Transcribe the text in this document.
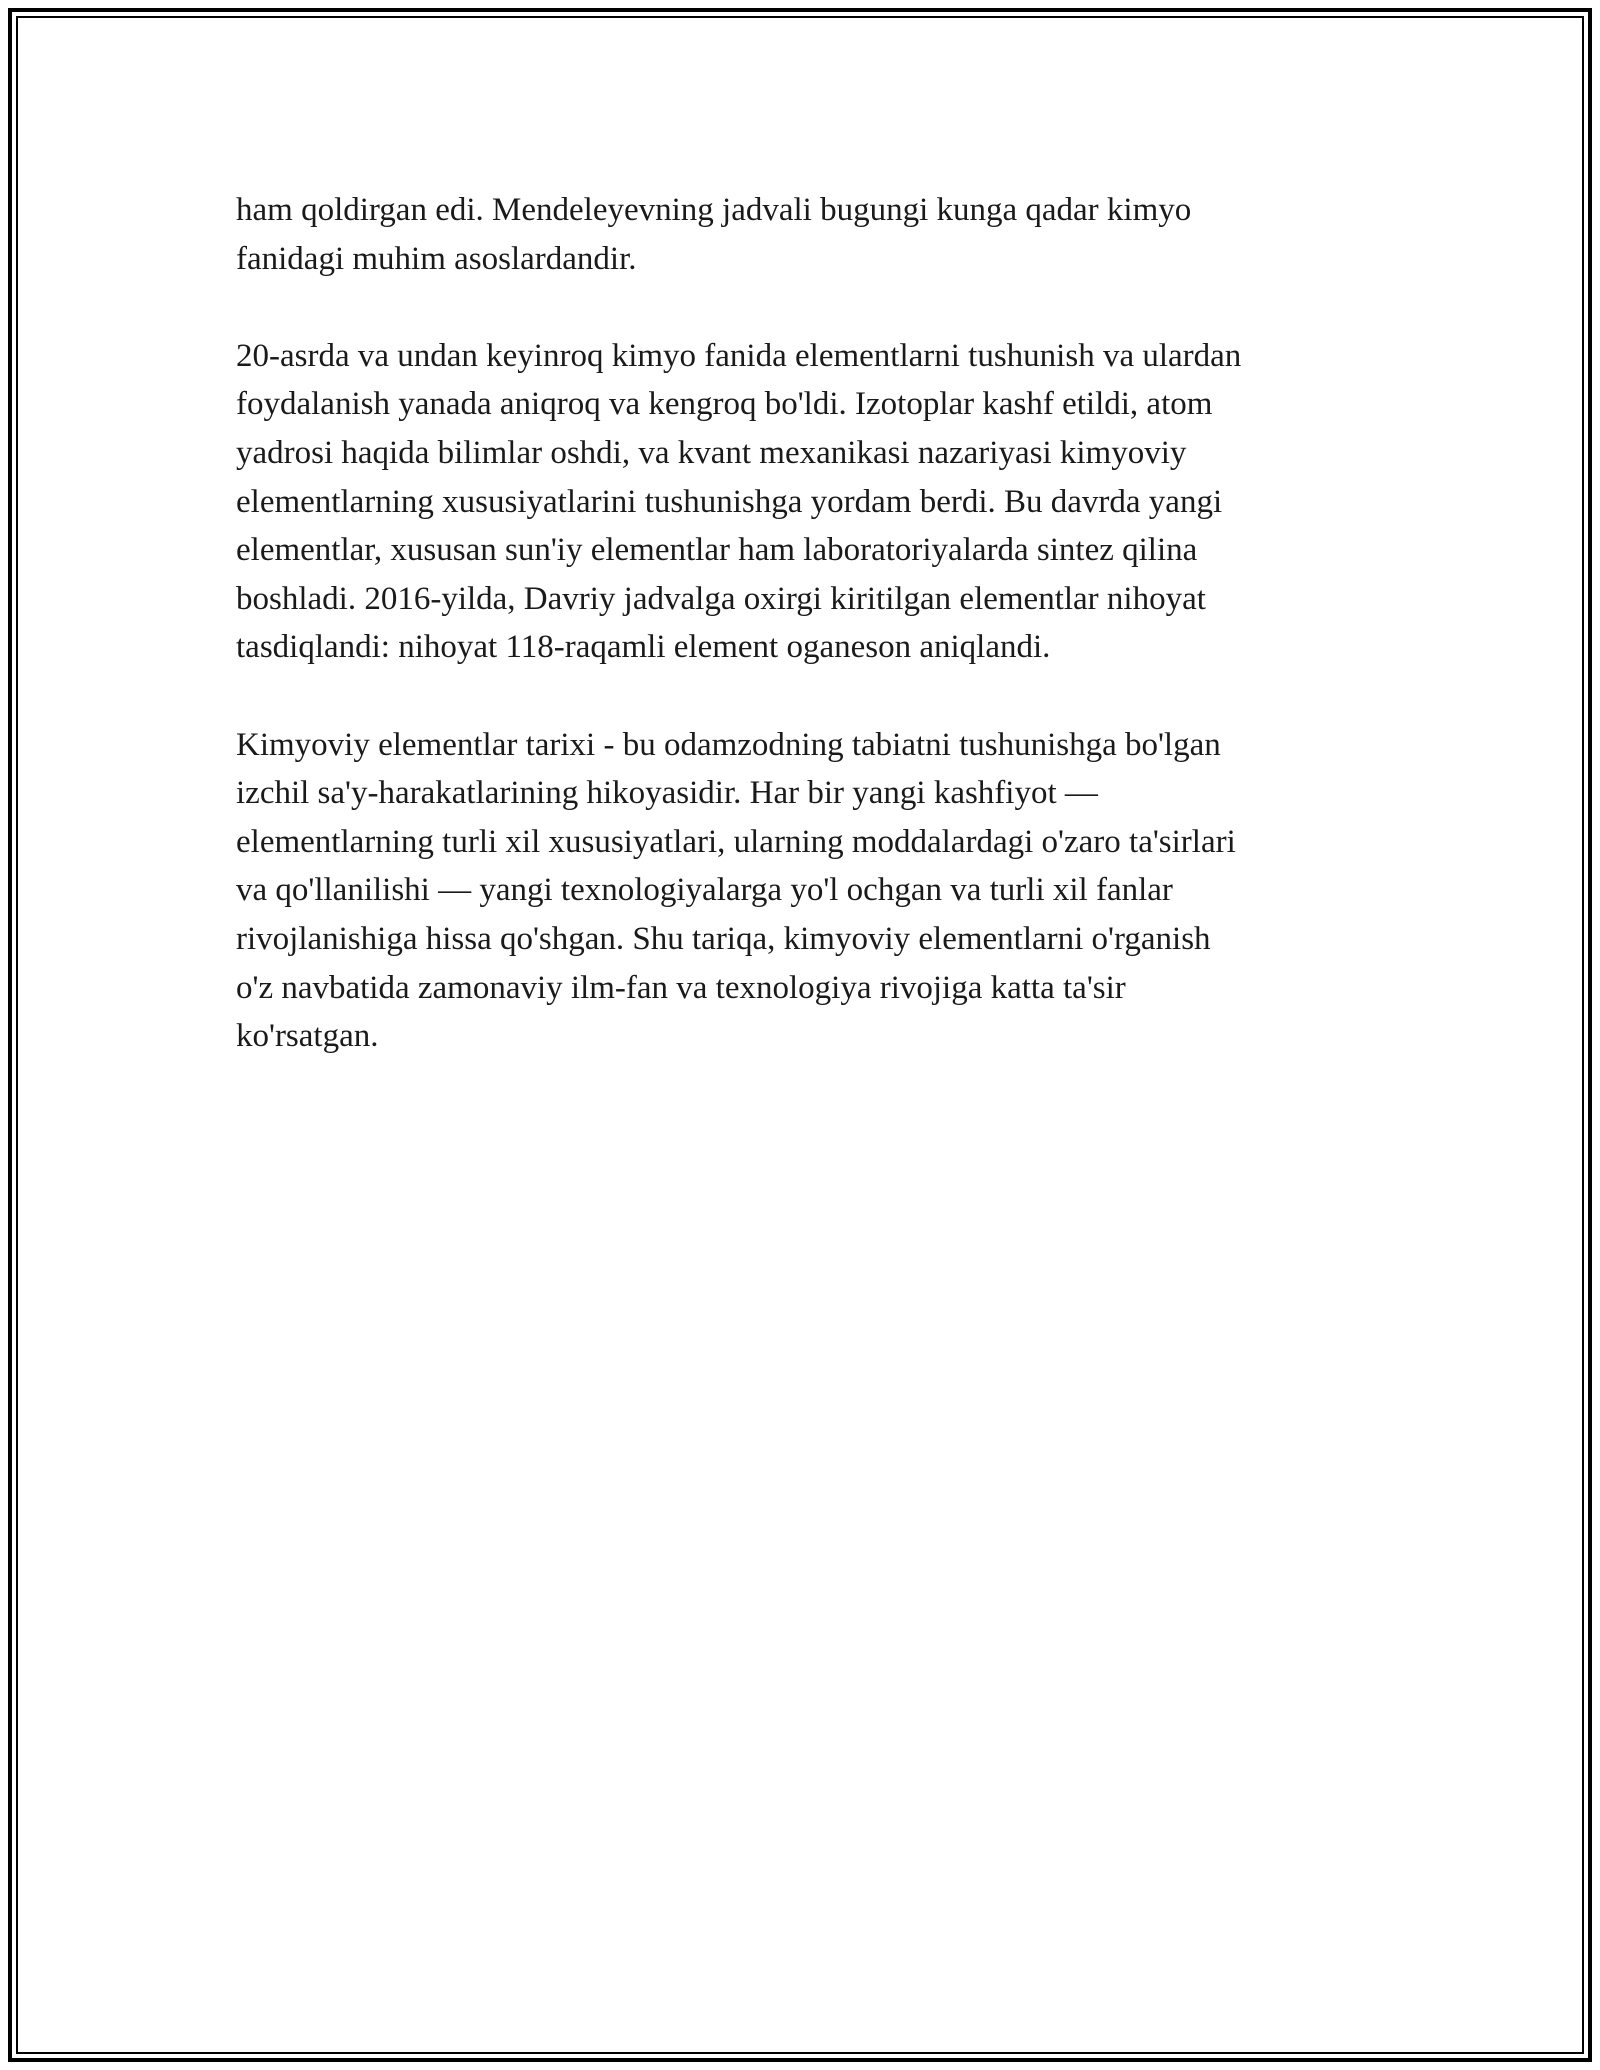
ham qoldirgan edi. Mendeleyevning jadvali bugungi kunga qadar kimyo
fanidagi muhim asoslardandir.

20-asrda va undan keyinroq kimyo fanida elementlarni tushunish va ulardan
foydalanish yanada aniqroq va kengroq bo'ldi. Izotoplar kashf etildi, atom
yadrosi haqida bilimlar oshdi, va kvant mexanikasi nazariyasi kimyoviy
elementlarning xususiyatlarini tushunishga yordam berdi. Bu davrda yangi
elementlar, xususan sun'iy elementlar ham laboratoriyalarda sintez qilina
boshladi. 2016-yilda, Davriy jadvalga oxirgi kiritilgan elementlar nihoyat
tasdiqlandi: nihoyat 118-raqamli element oganeson aniqlandi.

Kimyoviy elementlar tarixi - bu odamzodning tabiatni tushunishga bo'lgan
izchil sa'y-harakatlarining hikoyasidir. Har bir yangi kashfiyot —
elementlarning turli xil xususiyatlari, ularning moddalardagi o'zaro ta'sirlari
va qo'llanilishi — yangi texnologiyalarga yo'l ochgan va turli xil fanlar
rivojlanishiga hissa qo'shgan. Shu tariqa, kimyoviy elementlarni o'rganish
o'z navbatida zamonaviy ilm-fan va texnologiya rivojiga katta ta'sir
ko'rsatgan.
